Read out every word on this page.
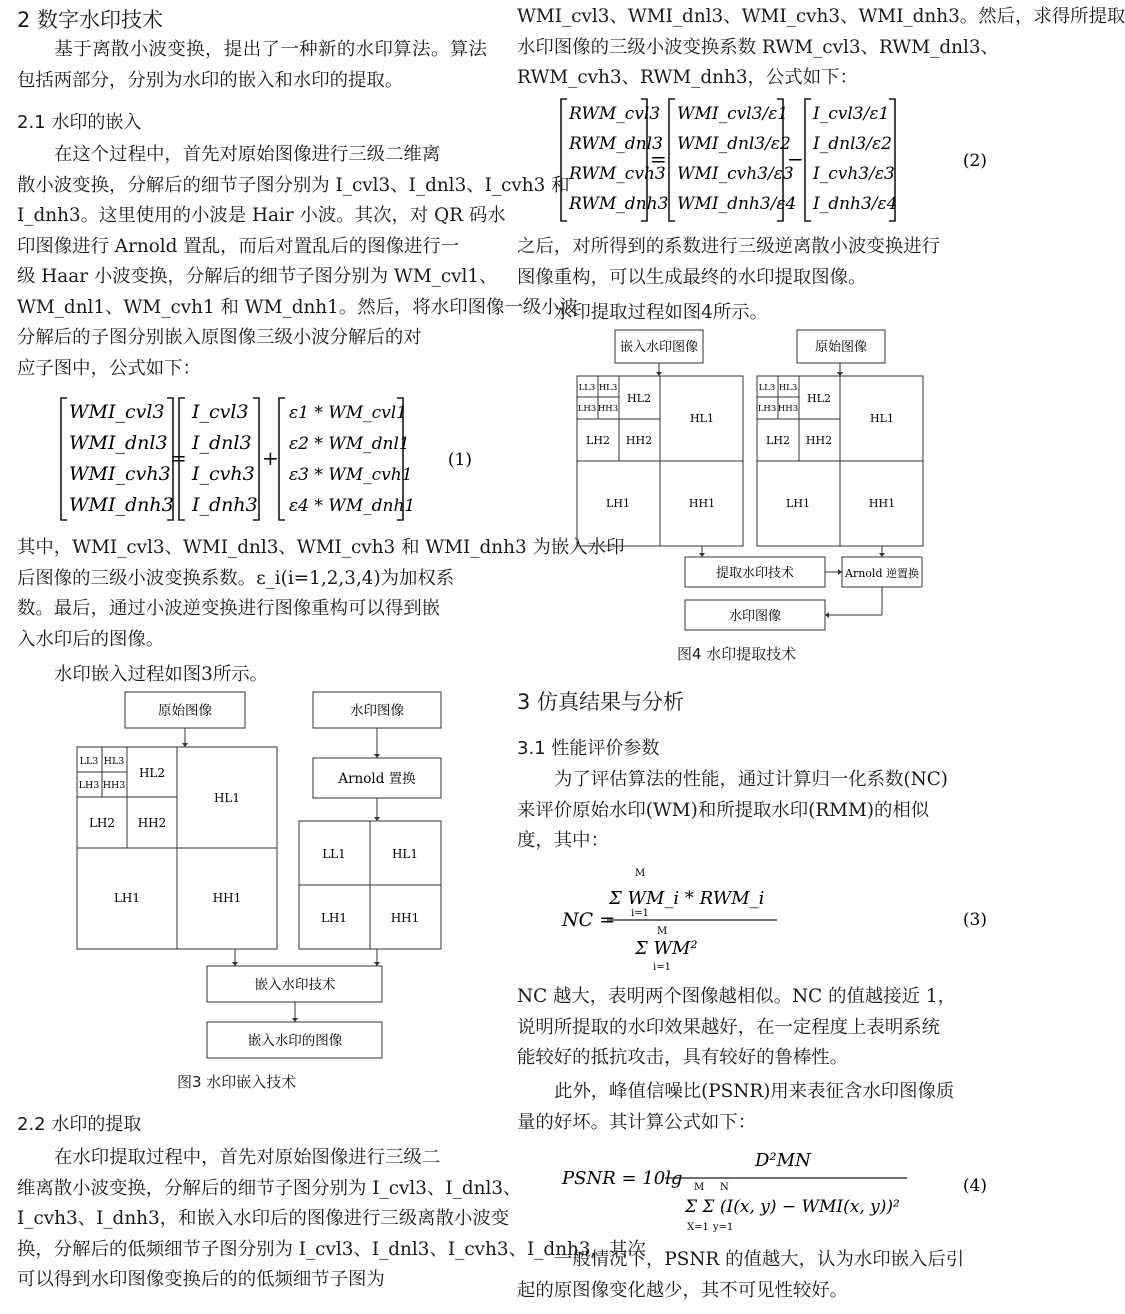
2 数字水印技术

基于离散小波变换，提出了一种新的水印算法。算法包括两部分，分别为水印的嵌入和水印的提取。

2.1 水印的嵌入
在这个过程中，首先对原始图像进行三级二维离
散小波变换，分解后的细节子图分别为 I_cvl3、I_dnl3、I_cvh3 和
I_dnh3。这里使用的小波是 Hair 小波。其次，对 QR 码水
印图像进行 Arnold 置乱，而后对置乱后的图像进行一
级 Haar 小波变换，分解后的细节子图分别为 WM_cvl1、
WM_dnl1、WM_cvh1 和 WM_dnh1。然后，将水印图像一级小波
分解后的子图分别嵌入原图像三级小波分解后的对
应子图中，公式如下：
WMI_cvl3
WMI_dnl3
WMI_cvh3
WMI_dnh3
I_cvl3
I_dnl3
I_cvh3
I_dnh3
ε1 * WM_cvl1
ε2 * WM_dnl1
ε3 * WM_cvh1
ε4 * WM_dnh1
=	+	(1)
其中，WMI_cvl3、WMI_dnl3、WMI_cvh3 和 WMI_dnh3 为嵌入水印
后图像的三级小波变换系数。ε_i(i=1,2,3,4)为加权系
数。最后，通过小波逆变换进行图像重构可以得到嵌
入水印后的图像。
水印嵌入过程如图3所示。
原始图像	水印图像
Arnold 置换
LL3 HL3
LH3 HH3
HL2
LH2 HH2
HL1
LH1	HH1
LL1	HL1
LH1	HH1
嵌入水印技术
嵌入水印的图像
图3 水印嵌入技术
2.2 水印的提取
在水印提取过程中，首先对原始图像进行三级二
维离散小波变换，分解后的细节子图分别为 I_cvl3、I_dnl3、
I_cvh3、I_dnh3，和嵌入水印后的图像进行三级离散小波变
换，分解后的低频细节子图分别为 I_cvl3、I_dnl3、I_cvh3、I_dnh3，其次
可以得到水印图像变换后的的低频细节子图为
WMI_cvl3、WMI_dnl3、WMI_cvh3、WMI_dnh3。然后，求得所提取
水印图像的三级小波变换系数 RWM_cvl3、RWM_dnl3、
RWM_cvh3、RWM_dnh3，公式如下：
RWM_cvl3
RWM_dnl3
RWM_cvh3
RWM_dnh3
WMI_cvl3/ε1
WMI_dnl3/ε2
WMI_cvh3/ε3
WMI_dnh3/ε4
I_cvl3/ε1
I_dnl3/ε2
I_cvh3/ε3
I_dnh3/ε4
=	−	(2)
之后，对所得到的系数进行三级逆离散小波变换进行
图像重构，可以生成最终的水印提取图像。
水印提取过程如图4所示。
嵌入水印图像	原始图像
LL3 HL3
LH3 HH3
HL2
LH2 HH2
HL1
LH1	HH1
LL3 HL3
LH3 HH3
HL2
LH2 HH2
HL1
LH1	HH1
提取水印技术	Arnold 逆置换
水印图像
图4 水印提取技术
3 仿真结果与分析
3.1 性能评价参数
为了评估算法的性能，通过计算归一化系数(NC)
来评价原始水印(WM)和所提取水印(RMM)的相似
度，其中：
NC =
M
Σ WM_i * RWM_i
i=1
M
Σ WM²
i=1
(3)
NC 越大，表明两个图像越相似。NC 的值越接近 1，
说明所提取的水印效果越好，在一定程度上表明系统
能较好的抵抗攻击，具有较好的鲁棒性。
此外，峰值信噪比(PSNR)用来表征含水印图像质
量的好坏。其计算公式如下：
PSNR = 10lg
D²MN
M N
Σ Σ (I(x, y) − WMI(x, y))²
X=1 y=1
(4)
一般情况下，PSNR 的值越大，认为水印嵌入后引
起的原图像变化越少，其不可见性较好。
